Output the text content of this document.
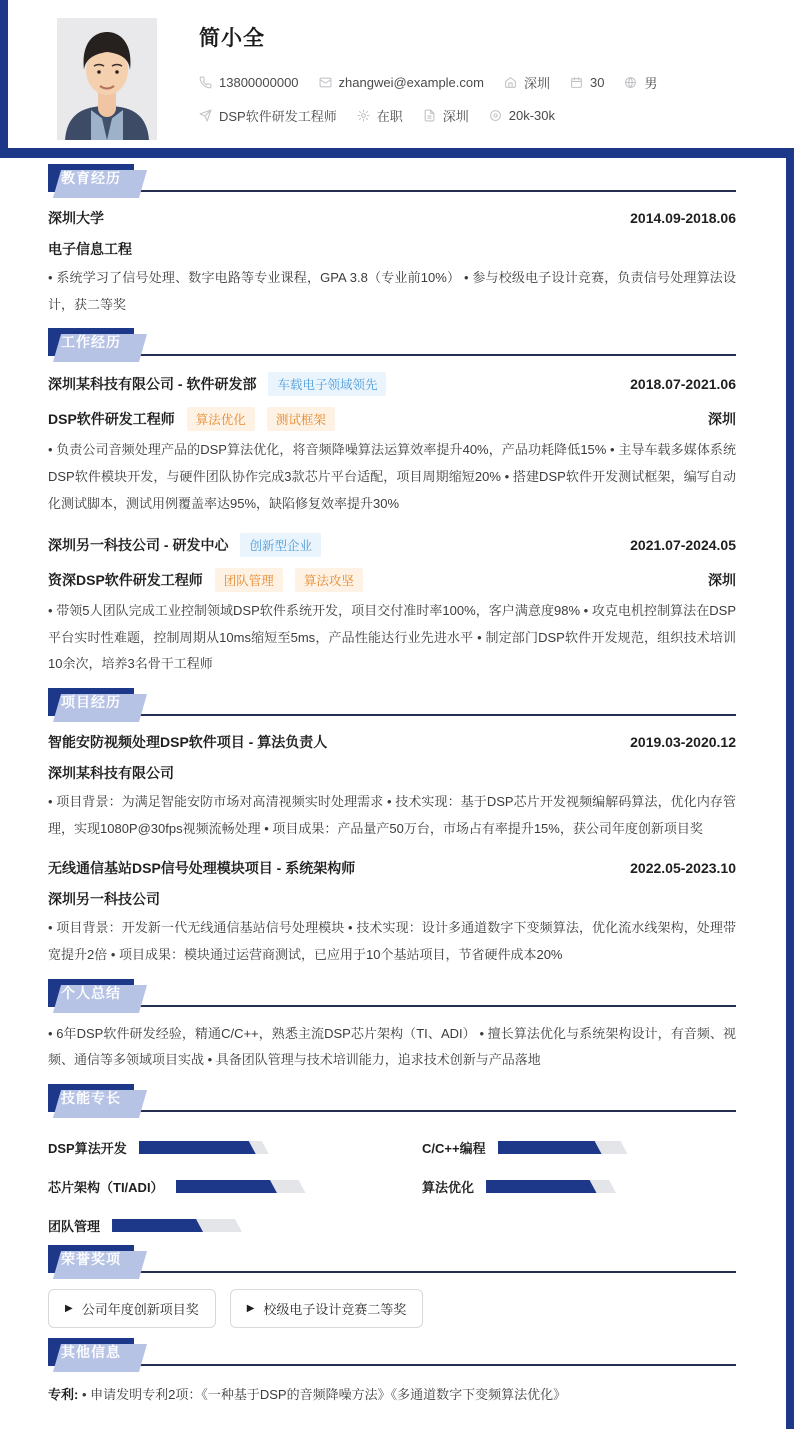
简小全
13800000000	zhangwei@example.com	深圳	30	男
DSP软件研发工程师	在职	深圳	20k-30k
教育经历
深圳大学	2014.09-2018.06
电子信息工程

• 系统学习了信号处理、数字电路等专业课程，GPA 3.8（专业前10%） • 参与校级电子设计竞赛，负责信号处理算法设计，获二等奖

工作经历
深圳某科技有限公司 - 软件研发部	车载电子领域领先	2018.07-2021.06
DSP软件研发工程师	算法优化	测试框架	深圳

• 负责公司音频处理产品的DSP算法优化，将音频降噪算法运算效率提升40%，产品功耗降低15% • 主导车载多媒体系统DSP软件模块开发，与硬件团队协作完成3款芯片平台适配，项目周期缩短20% • 搭建DSP软件开发测试框架，编写自动化测试脚本，测试用例覆盖率达95%，缺陷修复效率提升30%

深圳另一科技公司 - 研发中心	创新型企业	2021.07-2024.05
资深DSP软件研发工程师	团队管理	算法攻坚	深圳

• 带领5人团队完成工业控制领域DSP软件系统开发，项目交付准时率100%，客户满意度98% • 攻克电机控制算法在DSP平台实时性难题，控制周期从10ms缩短至5ms，产品性能达行业先进水平 • 制定部门DSP软件开发规范，组织技术培训10余次，培养3名骨干工程师

项目经历
智能安防视频处理DSP软件项目 - 算法负责人	2019.03-2020.12
深圳某科技有限公司

• 项目背景：为满足智能安防市场对高清视频实时处理需求 • 技术实现：基于DSP芯片开发视频编解码算法，优化内存管理，实现1080P@30fps视频流畅处理 • 项目成果：产品量产50万台，市场占有率提升15%，获公司年度创新项目奖

无线通信基站DSP信号处理模块项目 - 系统架构师	2022.05-2023.10
深圳另一科技公司

• 项目背景：开发新一代无线通信基站信号处理模块 • 技术实现：设计多通道数字下变频算法，优化流水线架构，处理带宽提升2倍 • 项目成果：模块通过运营商测试，已应用于10个基站项目，节省硬件成本20%

个人总结

• 6年DSP软件研发经验，精通C/C++，熟悉主流DSP芯片架构（TI、ADI） • 擅长算法优化与系统架构设计，有音频、视频、通信等多领域项目实战 • 具备团队管理与技术培训能力，追求技术创新与产品落地

技能专长
DSP算法开发	C/C++编程
芯片架构（TI/ADI）	算法优化
团队管理
荣誉奖项
▶ 公司年度创新项目奖	▶ 校级电子设计竞赛二等奖
其他信息

专利: • 申请发明专利2项：《一种基于DSP的音频降噪方法》《多通道数字下变频算法优化》
